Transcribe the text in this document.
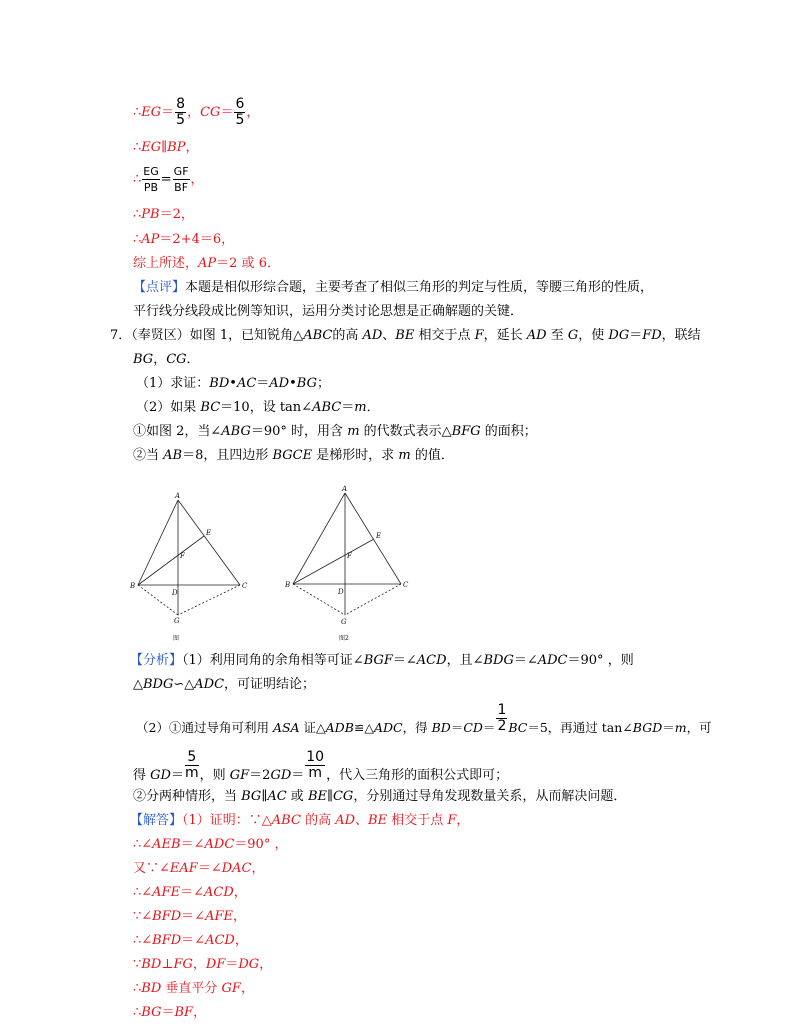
∴EG＝ $\frac{8}{5}$ ，$CG= \frac{6}{5}$ ，
∴EG∥BP，
∴ $\frac{EG}{PB} = \frac{GF}{BF}$ ，
∴PB＝2，
∴AP＝2+4＝6，
综上所述，AP＝2 或 6．
【点评】本题是相似形综合题，主要考查了相似三角形的判定与性质，等腰三角形的性质，
平行线分线段成比例等知识，运用分类讨论思想是正确解题的关键．
7．（奉贤区）如图 1，已知锐角△ABC的高 AD、BE 相交于点 F，延长 AD 至 G，使 DG＝FD，联结
BG，CG．
（1）求证：BD•AC＝AD•BG；
（2）如果 BC＝10，设 tan∠ABC＝m．
①如图 2，当∠ABG＝90° 时，用含 m 的代数式表示△BFG 的面积；
②当 AB＝8，且四边形 BGCE 是梯形时，求 m 的值．
A
B	C
D
E
F
G
图
A
B	C
D
E
F
G
图2
【分析】（1）利用同角的余角相等可证∠BGF＝∠ACD，且∠BDG＝∠ADC＝90° ，则
△BDG∽△ADC，可证明结论；
（2）①通过导角可利用 ASA 证△ADB≌△ADC，得 $BD=CD= \frac{1}{2} BC=5$，再通过 tan∠BGD＝m，可
得 $GD= \frac{5}{m}$ ，则 $GF=2GD= \frac{10}{m}$ ，代入三角形的面积公式即可；
②分两种情形，当 BG∥AC 或 BE∥CG，分别通过导角发现数量关系，从而解决问题．
【解答】（1）证明：∵△ABC 的高 AD、BE 相交于点 F，
∴∠AEB＝∠ADC＝90° ，
又∵∠EAF＝∠DAC，
∴∠AFE＝∠ACD，
∵∠BFD＝∠AFE，
∴∠BFD＝∠ACD，
∵BD⊥FG，DF＝DG，
∴BD 垂直平分 GF，
∴BG＝BF，
